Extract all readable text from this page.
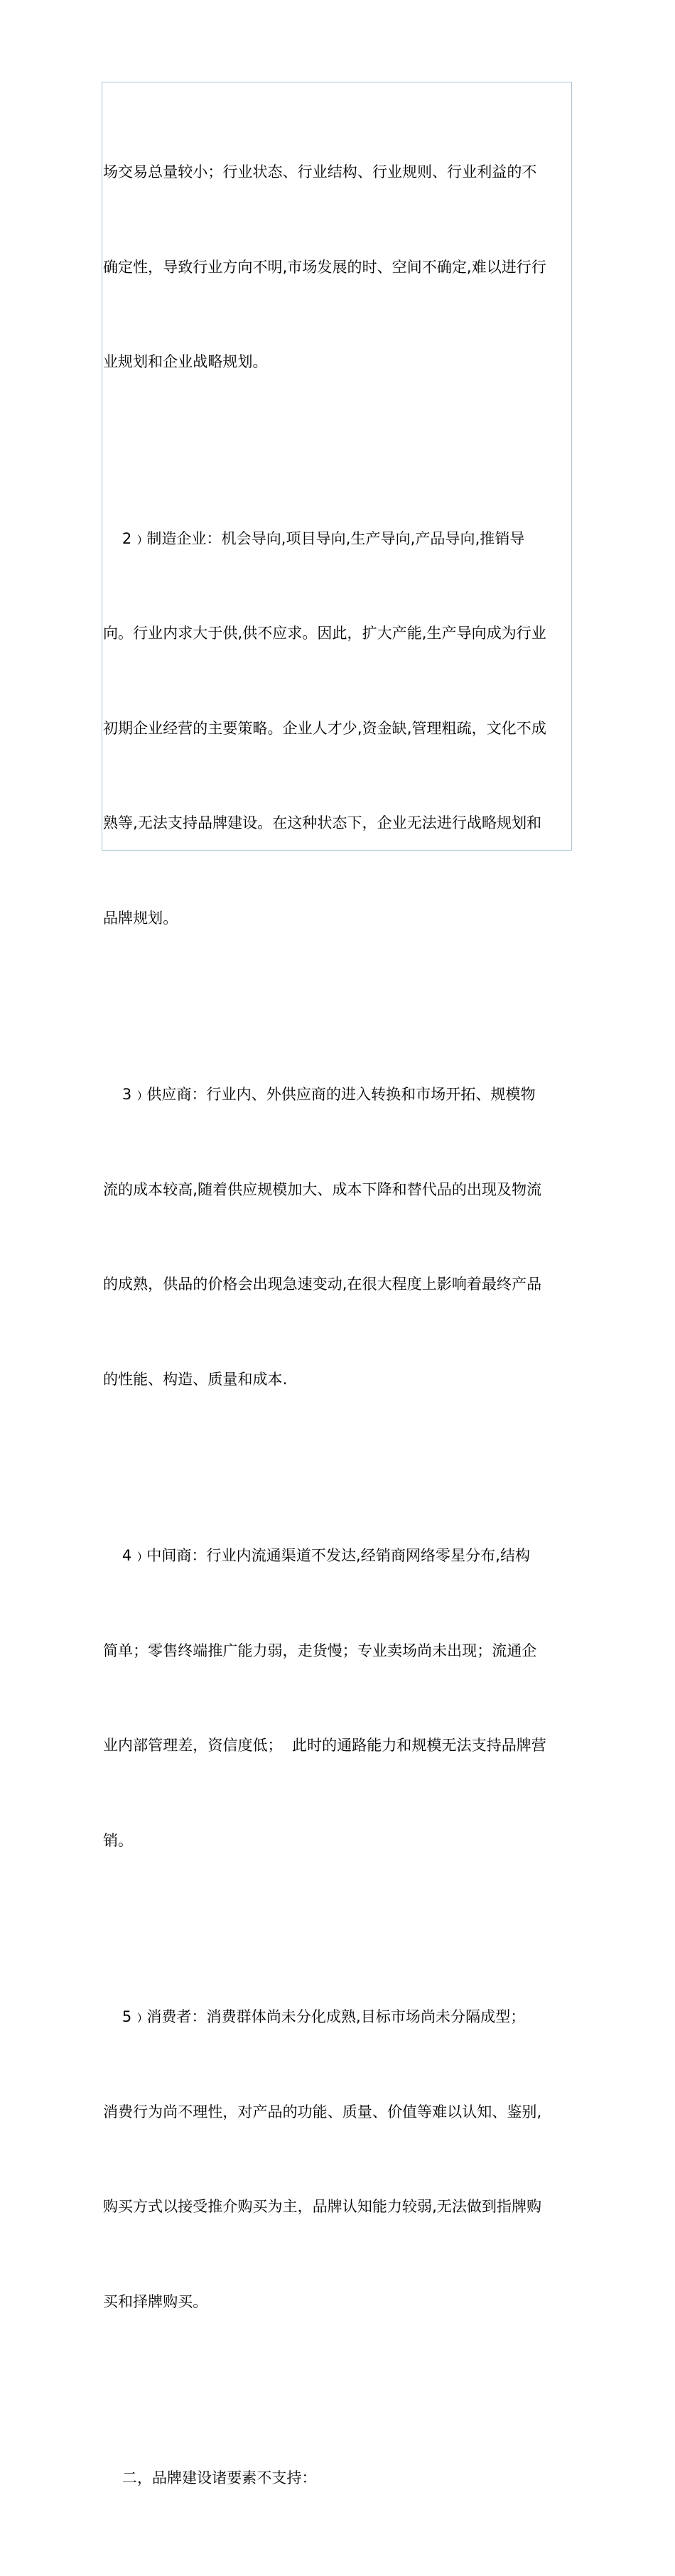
场交易总量较小；行业状态、行业结构、行业规则、行业利益的不

确定性，导致行业方向不明,市场发展的时、空间不确定,难以进行行

业规划和企业战略规划。

2﹚制造企业：机会导向,项目导向,生产导向,产品导向,推销导

向。行业内求大于供,供不应求。因此，扩大产能,生产导向成为行业

初期企业经营的主要策略。企业人才少,资金缺,管理粗疏，文化不成

熟等,无法支持品牌建设。在这种状态下，企业无法进行战略规划和

品牌规划。

3﹚供应商：行业内、外供应商的进入转换和市场开拓、规模物

流的成本较高,随着供应规模加大、成本下降和替代品的出现及物流

的成熟，供品的价格会出现急速变动,在很大程度上影响着最终产品

的性能、构造、质量和成本.

4﹚中间商：行业内流通渠道不发达,经销商网络零星分布,结构

简单；零售终端推广能力弱，走货慢；专业卖场尚未出现；流通企

业内部管理差，资信度低；  此时的通路能力和规模无法支持品牌营

销。

5﹚消费者：消费群体尚未分化成熟,目标市场尚未分隔成型；

消费行为尚不理性，对产品的功能、质量、价值等难以认知、鉴别,

购买方式以接受推介购买为主，品牌认知能力较弱,无法做到指牌购

买和择牌购买。

二，品牌建设诸要素不支持：
